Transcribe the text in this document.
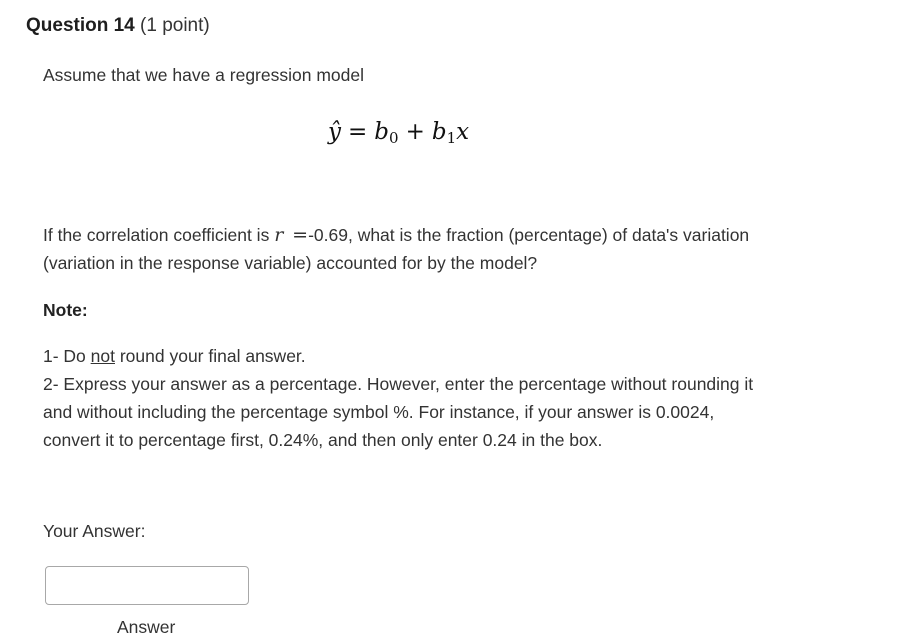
Question 14 (1 point)
Assume that we have a regression model
ŷ = $b_0 + b_1x$
If the correlation coefficient is r =-0.69, what is the fraction (percentage) of data's variation (variation in the response variable) accounted for by the model?
Note:
1- Do not round your final answer.
2- Express your answer as a percentage. However, enter the percentage without rounding it and without including the percentage symbol %. For instance, if your answer is 0.0024, convert it to percentage first, 0.24%, and then only enter 0.24 in the box.
Your Answer:
Answer
